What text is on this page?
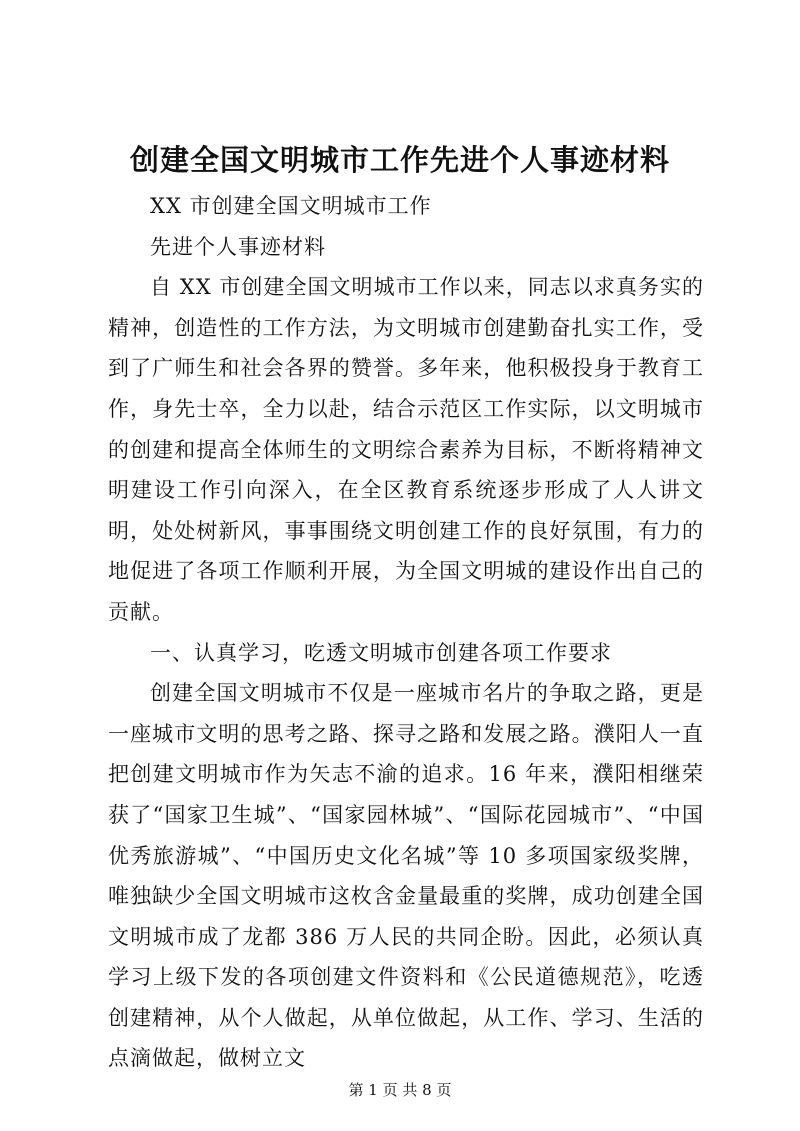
创建全国文明城市工作先进个人事迹材料

XX 市创建全国文明城市工作

先进个人事迹材料

自 XX 市创建全国文明城市工作以来，同志以求真务实的精神，创造性的工作方法，为文明城市创建勤奋扎实工作，受到了广师生和社会各界的赞誉。多年来，他积极投身于教育工作，身先士卒，全力以赴，结合示范区工作实际，以文明城市的创建和提高全体师生的文明综合素养为目标，不断将精神文明建设工作引向深入，在全区教育系统逐步形成了人人讲文明，处处树新风，事事围绕文明创建工作的良好氛围，有力的地促进了各项工作顺利开展，为全国文明城的建设作出自己的贡献。

一、认真学习，吃透文明城市创建各项工作要求

创建全国文明城市不仅是一座城市名片的争取之路，更是一座城市文明的思考之路、探寻之路和发展之路。濮阳人一直把创建文明城市作为矢志不渝的追求。16 年来，濮阳相继荣获了“国家卫生城”、“国家园林城”、“国际花园城市”、“中国优秀旅游城”、“中国历史文化名城”等 10 多项国家级奖牌，唯独缺少全国文明城市这枚含金量最重的奖牌，成功创建全国文明城市成了龙都 386 万人民的共同企盼。因此，必须认真学习上级下发的各项创建文件资料和《公民道德规范》，吃透创建精神，从个人做起，从单位做起，从工作、学习、生活的点滴做起，做树立文

第 1 页 共 8 页
